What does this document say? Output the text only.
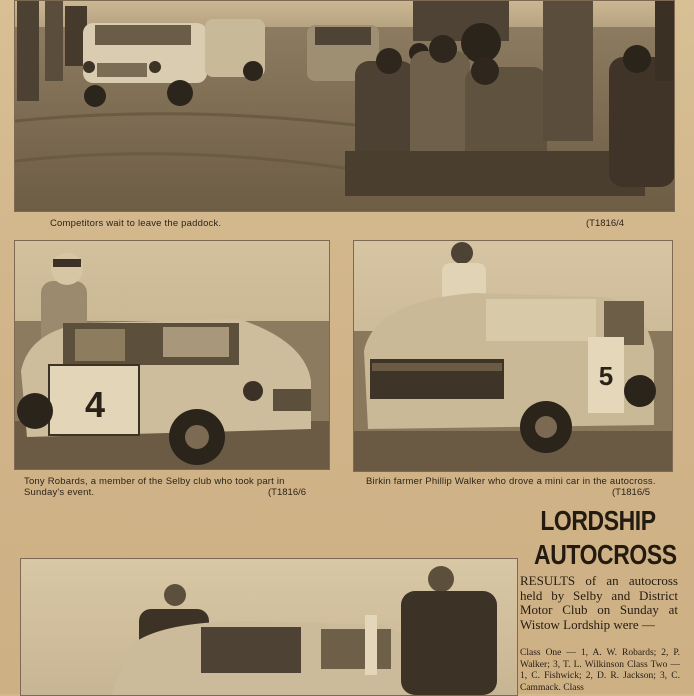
Competitors wait to leave the paddock.	(T1816/4
4
Tony Robards, a member of the Selby club who took part in Sunday's event.	(T1816/6
5
Birkin farmer Phillip Walker who drove a mini car in the autocross.
(T1816/5
LORDSHIP
AUTOCROSS
RESULTS of an autocross held by Selby and District Motor Club on Sunday at Wistow Lordship were —
Class One — 1, A. W. Robards; 2, P. Walker; 3, T. L. Wilkinson Class Two — 1, C. Fishwick; 2, D. R. Jackson; 3, C. Cammack. Class
